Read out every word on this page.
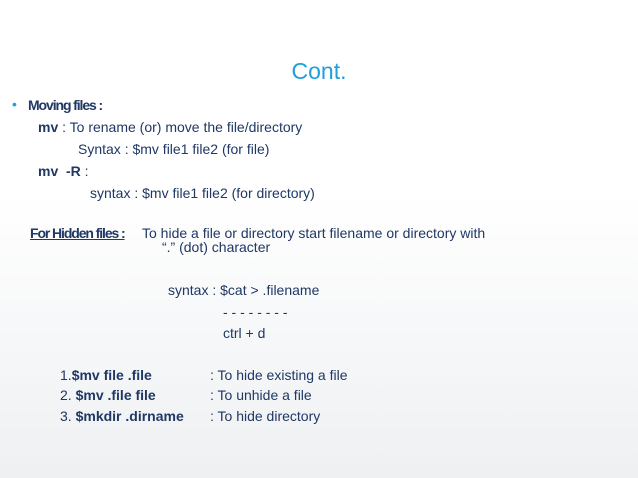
Cont.
• Moving files :
mv : To rename (or) move the file/directory
Syntax : $mv file1 file2 (for file)
mv -R :
syntax : $mv file1 file2 (for directory)
For Hidden files : To hide a file or directory start filename or directory with
“.” (dot) character
syntax : $cat > .filename
- - - - - - - -
ctrl + d
1.$mv file .file	: To hide existing a file
2. $mv .file file	: To unhide a file
3. $mkdir .dirname : To hide directory
